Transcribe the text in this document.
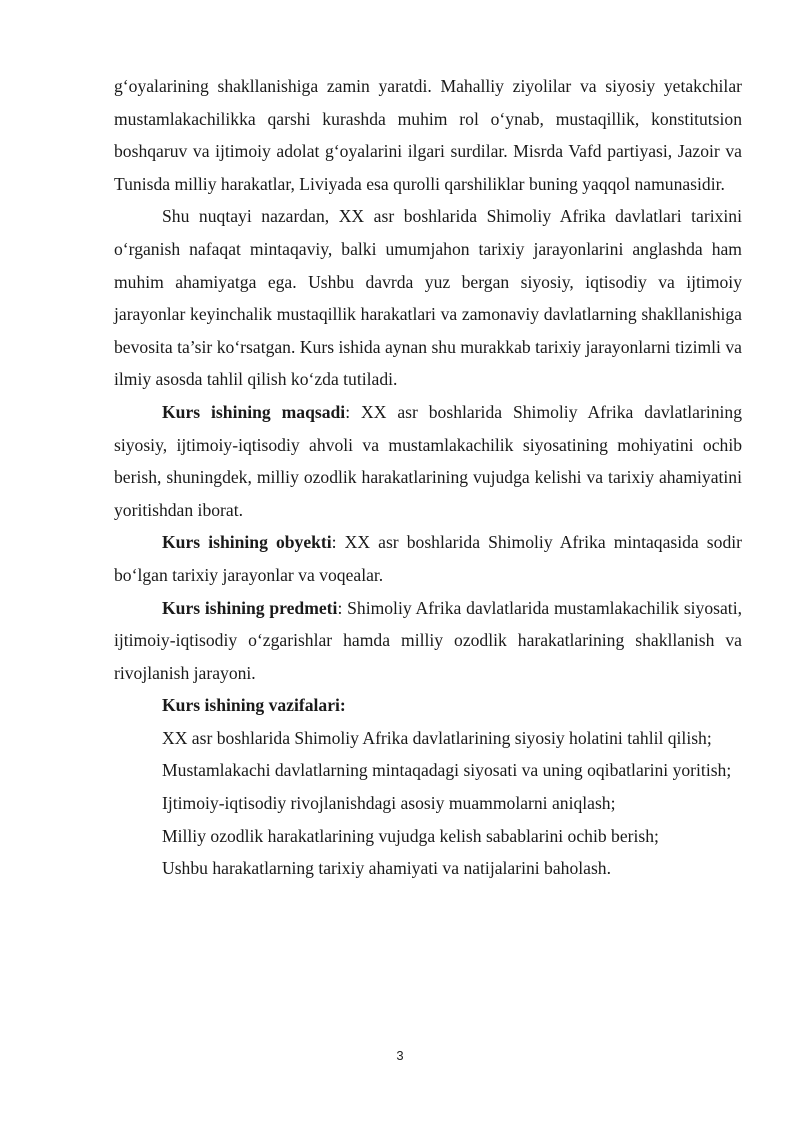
g‘oyalarining shakllanishiga zamin yaratdi. Mahalliy ziyolilar va siyosiy yetakchilar mustamlakachilikka qarshi kurashda muhim rol o‘ynab, mustaqillik, konstitutsion boshqaruv va ijtimoiy adolat g‘oyalarini ilgari surdilar. Misrda Vafd partiyasi, Jazoir va Tunisda milliy harakatlar, Liviyada esa qurolli qarshiliklar buning yaqqol namunasidir.

Shu nuqtayi nazardan, XX asr boshlarida Shimoliy Afrika davlatlari tarixini o‘rganish nafaqat mintaqaviy, balki umumjahon tarixiy jarayonlarini anglashda ham muhim ahamiyatga ega. Ushbu davrda yuz bergan siyosiy, iqtisodiy va ijtimoiy jarayonlar keyinchalik mustaqillik harakatlari va zamonaviy davlatlarning shakllanishiga bevosita ta’sir ko‘rsatgan. Kurs ishida aynan shu murakkab tarixiy jarayonlarni tizimli va ilmiy asosda tahlil qilish ko‘zda tutiladi.

Kurs ishining maqsadi: XX asr boshlarida Shimoliy Afrika davlatlarining siyosiy, ijtimoiy-iqtisodiy ahvoli va mustamlakachilik siyosatining mohiyatini ochib berish, shuningdek, milliy ozodlik harakatlarining vujudga kelishi va tarixiy ahamiyatini yoritishdan iborat.

Kurs ishining obyekti: XX asr boshlarida Shimoliy Afrika mintaqasida sodir bo‘lgan tarixiy jarayonlar va voqealar.

Kurs ishining predmeti: Shimoliy Afrika davlatlarida mustamlakachilik siyosati, ijtimoiy-iqtisodiy o‘zgarishlar hamda milliy ozodlik harakatlarining shakllanish va rivojlanish jarayoni.

Kurs ishining vazifalari:

XX asr boshlarida Shimoliy Afrika davlatlarining siyosiy holatini tahlil qilish;

Mustamlakachi davlatlarning mintaqadagi siyosati va uning oqibatlarini yoritish;

Ijtimoiy-iqtisodiy rivojlanishdagi asosiy muammolarni aniqlash;

Milliy ozodlik harakatlarining vujudga kelish sabablarini ochib berish;

Ushbu harakatlarning tarixiy ahamiyati va natijalarini baholash.

3
